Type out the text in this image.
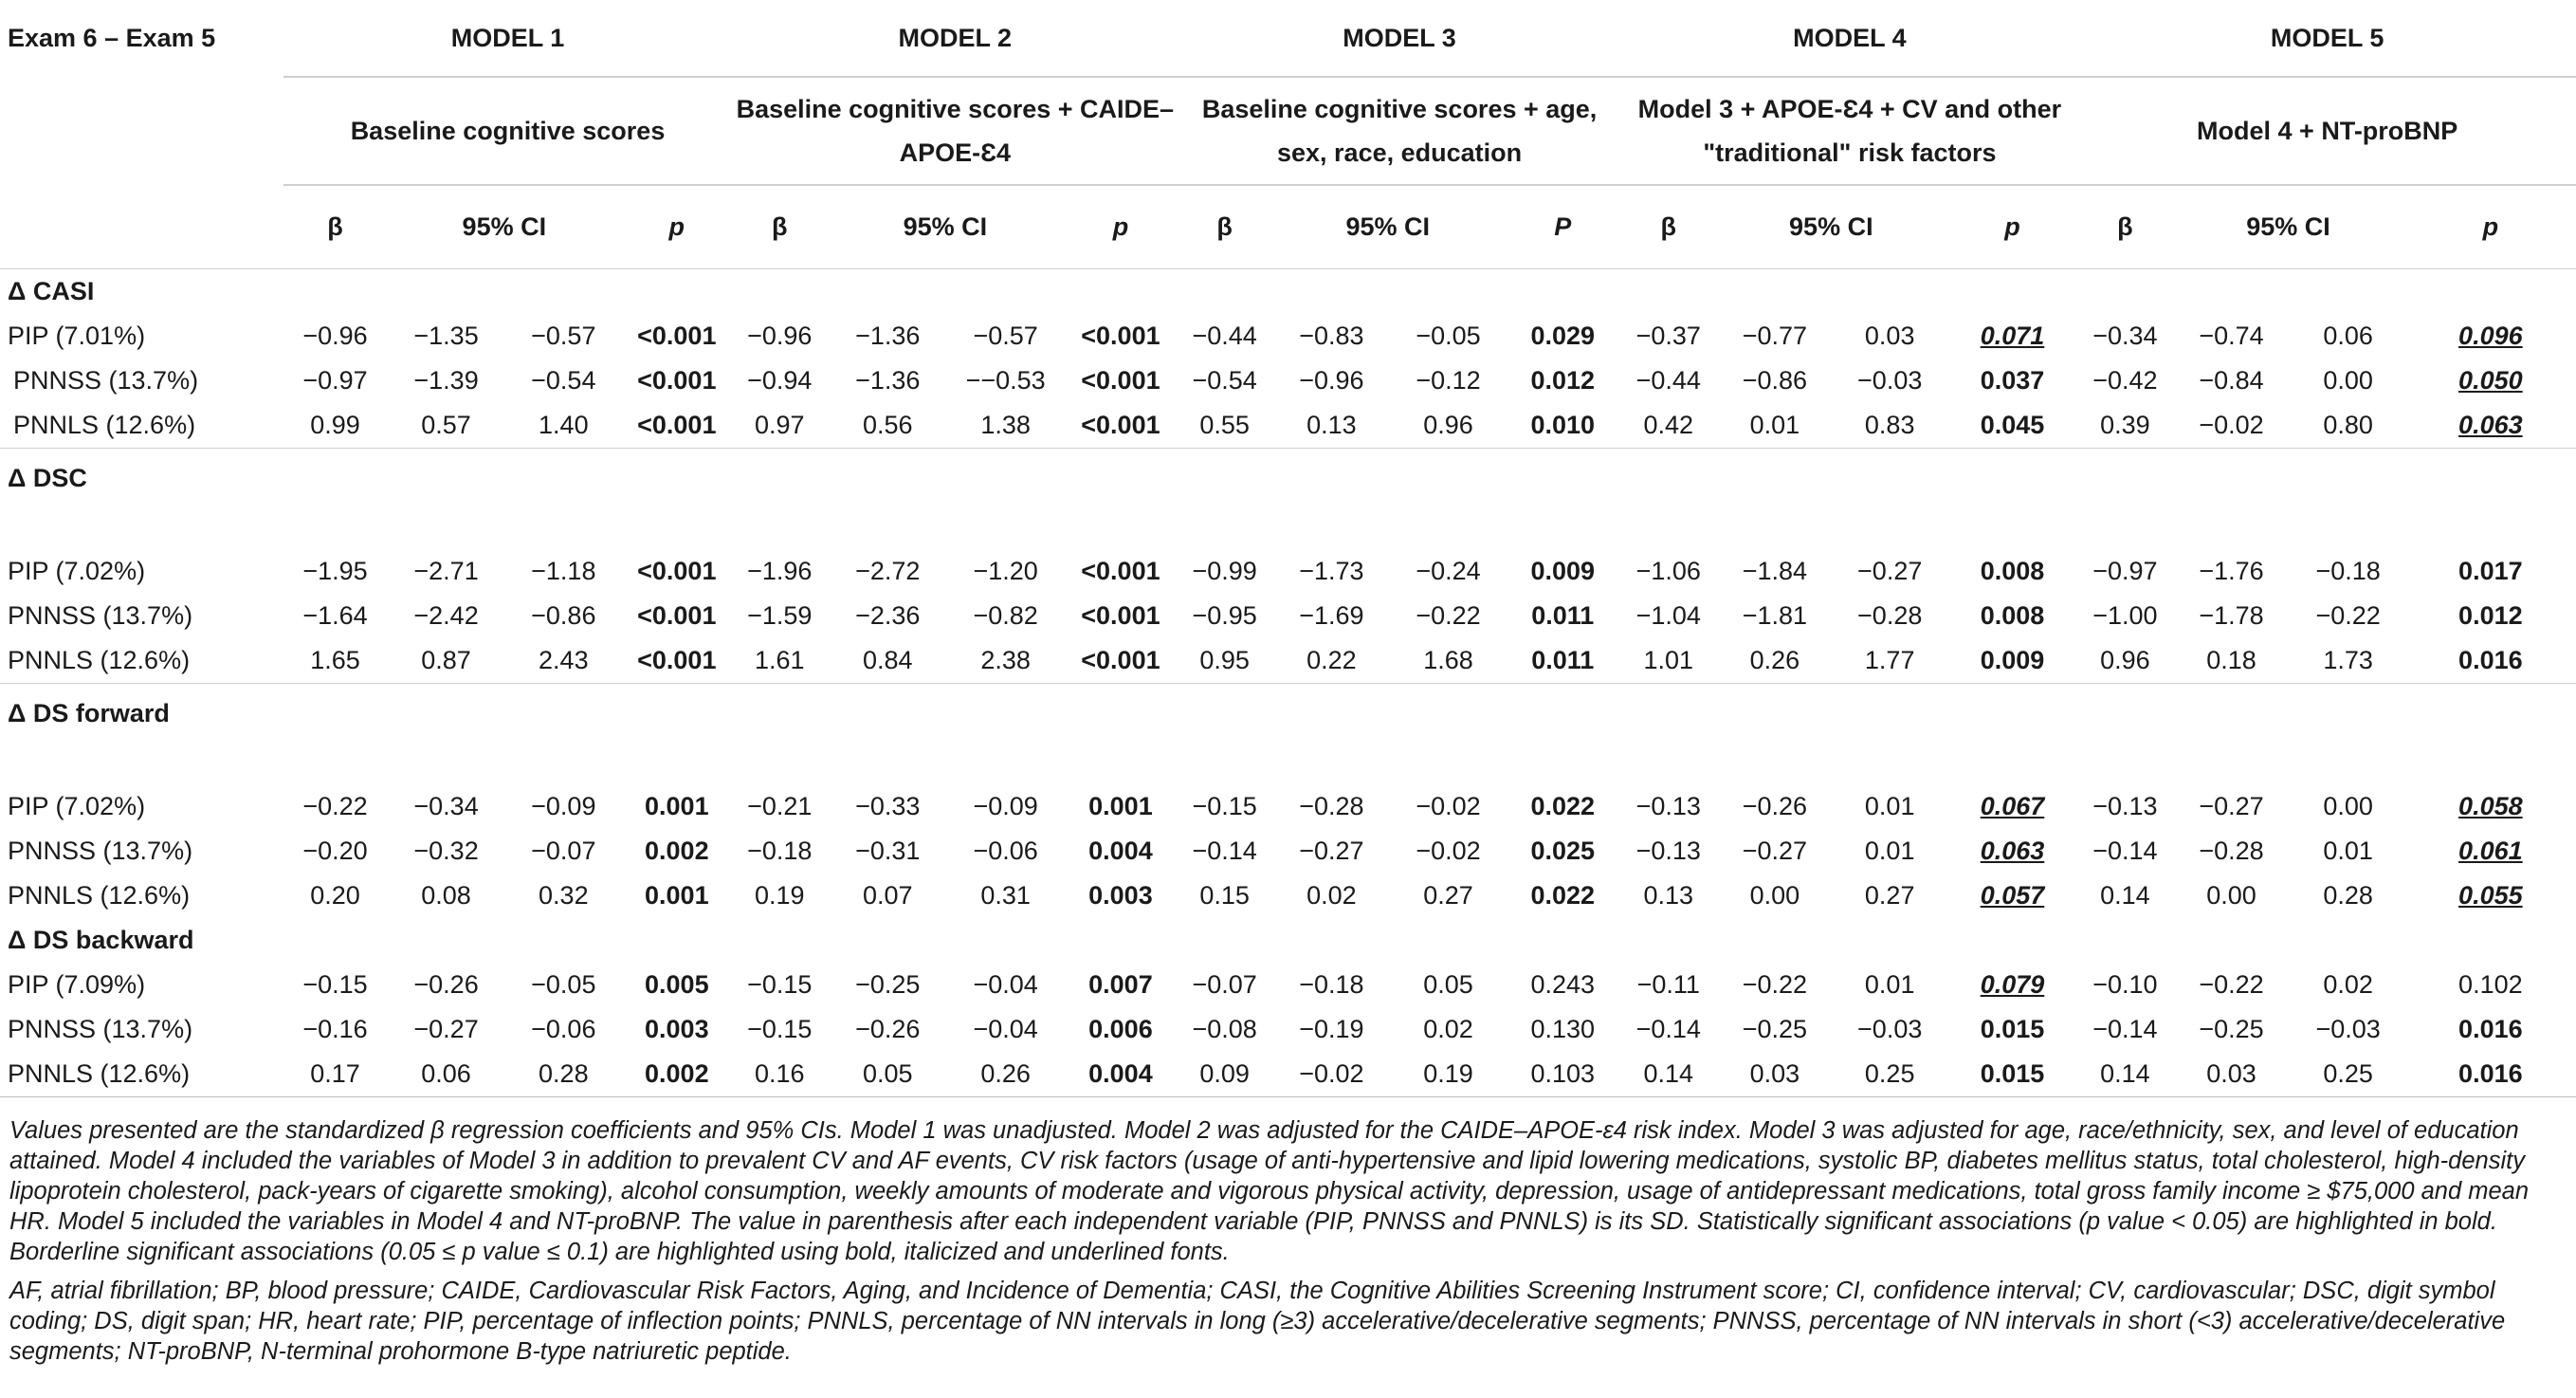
Exam 6 – Exam 5	MODEL 1				MODEL 2				MODEL 3				MODEL 4				MODEL 5			
	Baseline cognitive scores				Baseline cognitive scores + CAIDE–APOE-Ɛ4				Baseline cognitive scores + age, sex, race, education				Model 3 + APOE-Ɛ4 + CV and other "traditional" risk factors				Model 4 + NT-proBNP			
	β	95% CI		p	β	95% CI		p	β	95% CI		P	β	95% CI		p	β	95% CI		p
Δ CASI																				
PIP (7.01%)	−0.96	−1.35	−0.57	<0.001	−0.96	−1.36	−0.57	<0.001	−0.44	−0.83	−0.05	0.029	−0.37	−0.77	0.03	0.071	−0.34	−0.74	0.06	0.096
PNNSS (13.7%)	−0.97	−1.39	−0.54	<0.001	−0.94	−1.36	−−0.53	<0.001	−0.54	−0.96	−0.12	0.012	−0.44	−0.86	−0.03	0.037	−0.42	−0.84	0.00	0.050
PNNLS (12.6%)	0.99	0.57	1.40	<0.001	0.97	0.56	1.38	<0.001	0.55	0.13	0.96	0.010	0.42	0.01	0.83	0.045	0.39	−0.02	0.80	0.063
Δ DSC																				
PIP (7.02%)	−1.95	−2.71	−1.18	<0.001	−1.96	−2.72	−1.20	<0.001	−0.99	−1.73	−0.24	0.009	−1.06	−1.84	−0.27	0.008	−0.97	−1.76	−0.18	0.017
PNNSS (13.7%)	−1.64	−2.42	−0.86	<0.001	−1.59	−2.36	−0.82	<0.001	−0.95	−1.69	−0.22	0.011	−1.04	−1.81	−0.28	0.008	−1.00	−1.78	−0.22	0.012
PNNLS (12.6%)	1.65	0.87	2.43	<0.001	1.61	0.84	2.38	<0.001	0.95	0.22	1.68	0.011	1.01	0.26	1.77	0.009	0.96	0.18	1.73	0.016
Δ DS forward																				
PIP (7.02%)	−0.22	−0.34	−0.09	0.001	−0.21	−0.33	−0.09	0.001	−0.15	−0.28	−0.02	0.022	−0.13	−0.26	0.01	0.067	−0.13	−0.27	0.00	0.058
PNNSS (13.7%)	−0.20	−0.32	−0.07	0.002	−0.18	−0.31	−0.06	0.004	−0.14	−0.27	−0.02	0.025	−0.13	−0.27	0.01	0.063	−0.14	−0.28	0.01	0.061
PNNLS (12.6%)	0.20	0.08	0.32	0.001	0.19	0.07	0.31	0.003	0.15	0.02	0.27	0.022	0.13	0.00	0.27	0.057	0.14	0.00	0.28	0.055
Δ DS backward																				
PIP (7.09%)	−0.15	−0.26	−0.05	0.005	−0.15	−0.25	−0.04	0.007	−0.07	−0.18	0.05	0.243	−0.11	−0.22	0.01	0.079	−0.10	−0.22	0.02	0.102
PNNSS (13.7%)	−0.16	−0.27	−0.06	0.003	−0.15	−0.26	−0.04	0.006	−0.08	−0.19	0.02	0.130	−0.14	−0.25	−0.03	0.015	−0.14	−0.25	−0.03	0.016
PNNLS (12.6%)	0.17	0.06	0.28	0.002	0.16	0.05	0.26	0.004	0.09	−0.02	0.19	0.103	0.14	0.03	0.25	0.015	0.14	0.03	0.25	0.016
Values presented are the standardized β regression coefficients and 95% CIs. Model 1 was unadjusted. Model 2 was adjusted for the CAIDE–APOE-ε4 risk index. Model 3 was adjusted for age, race/ethnicity, sex, and level of education attained. Model 4 included the variables of Model 3 in addition to prevalent CV and AF events, CV risk factors (usage of anti-hypertensive and lipid lowering medications, systolic BP, diabetes mellitus status, total cholesterol, high-density lipoprotein cholesterol, pack-years of cigarette smoking), alcohol consumption, weekly amounts of moderate and vigorous physical activity, depression, usage of antidepressant medications, total gross family income ≥ $75,000 and mean HR. Model 5 included the variables in Model 4 and NT-proBNP. The value in parenthesis after each independent variable (PIP, PNNSS and PNNLS) is its SD. Statistically significant associations (p value < 0.05) are highlighted in bold. Borderline significant associations (0.05 ≤ p value ≤ 0.1) are highlighted using bold, italicized and underlined fonts.
AF, atrial fibrillation; BP, blood pressure; CAIDE, Cardiovascular Risk Factors, Aging, and Incidence of Dementia; CASI, the Cognitive Abilities Screening Instrument score; CI, confidence interval; CV, cardiovascular; DSC, digit symbol coding; DS, digit span; HR, heart rate; PIP, percentage of inflection points; PNNLS, percentage of NN intervals in long (≥3) accelerative/decelerative segments; PNNSS, percentage of NN intervals in short (<3) accelerative/decelerative segments; NT-proBNP, N-terminal prohormone B-type natriuretic peptide.
